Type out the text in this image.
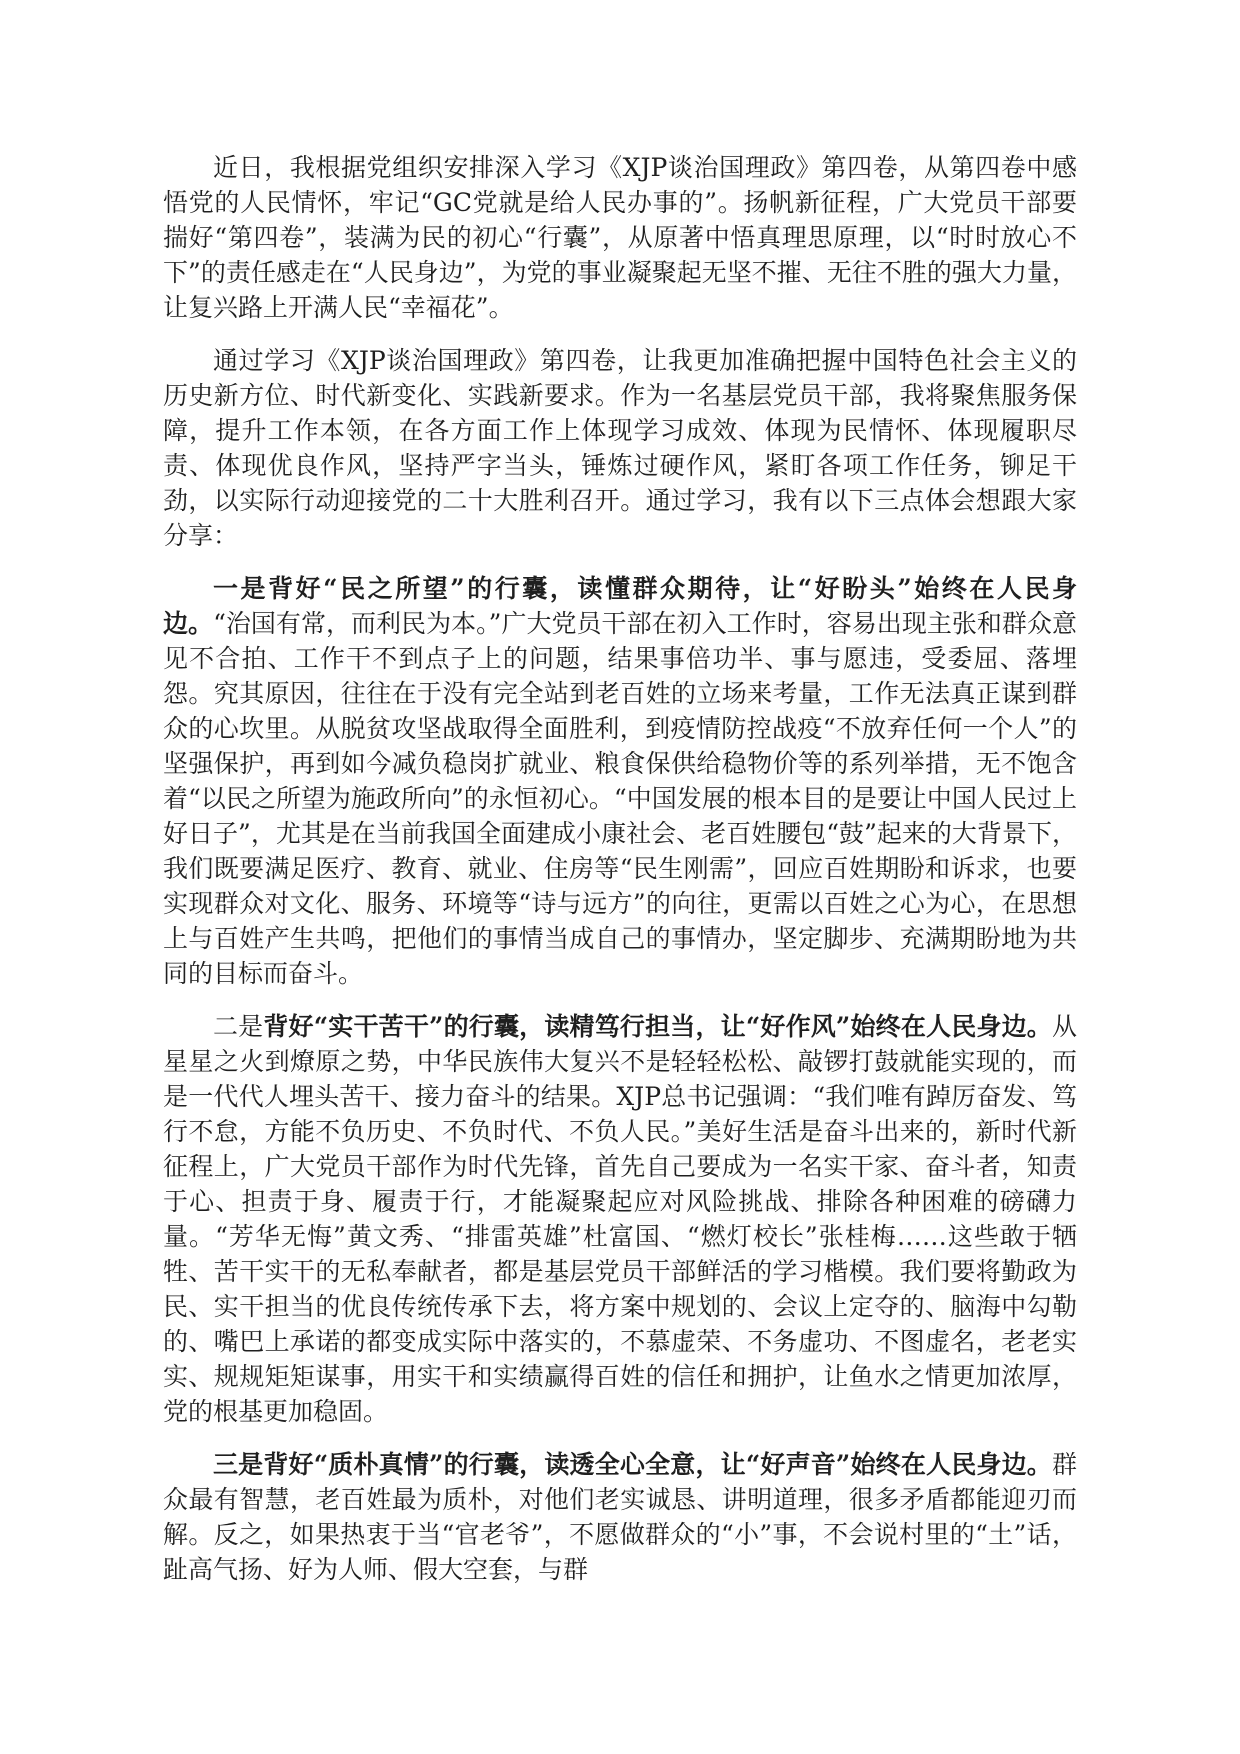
近日，我根据党组织安排深入学习《XJP谈治国理政》第四卷，从第四卷中感悟党的人民情怀，牢记“GC党就是给人民办事的”。扬帆新征程，广大党员干部要揣好“第四卷”，装满为民的初心“行囊”，从原著中悟真理思原理，以“时时放心不下”的责任感走在“人民身边”，为党的事业凝聚起无坚不摧、无往不胜的强大力量，让复兴路上开满人民“幸福花”。

通过学习《XJP谈治国理政》第四卷，让我更加准确把握中国特色社会主义的历史新方位、时代新变化、实践新要求。作为一名基层党员干部，我将聚焦服务保障，提升工作本领，在各方面工作上体现学习成效、体现为民情怀、体现履职尽责、体现优良作风，坚持严字当头，锤炼过硬作风，紧盯各项工作任务，铆足干劲，以实际行动迎接党的二十大胜利召开。通过学习，我有以下三点体会想跟大家分享：

一是背好“民之所望”的行囊，读懂群众期待，让“好盼头”始终在人民身边。“治国有常，而利民为本。”广大党员干部在初入工作时，容易出现主张和群众意见不合拍、工作干不到点子上的问题，结果事倍功半、事与愿违，受委屈、落埋怨。究其原因，往往在于没有完全站到老百姓的立场来考量，工作无法真正谋到群众的心坎里。从脱贫攻坚战取得全面胜利，到疫情防控战疫“不放弃任何一个人”的坚强保护，再到如今减负稳岗扩就业、粮食保供给稳物价等的系列举措，无不饱含着“以民之所望为施政所向”的永恒初心。“中国发展的根本目的是要让中国人民过上好日子”，尤其是在当前我国全面建成小康社会、老百姓腰包“鼓”起来的大背景下，我们既要满足医疗、教育、就业、住房等“民生刚需”，回应百姓期盼和诉求，也要实现群众对文化、服务、环境等“诗与远方”的向往，更需以百姓之心为心，在思想上与百姓产生共鸣，把他们的事情当成自己的事情办，坚定脚步、充满期盼地为共同的目标而奋斗。

二是背好“实干苦干”的行囊，读精笃行担当，让“好作风”始终在人民身边。从星星之火到燎原之势，中华民族伟大复兴不是轻轻松松、敲锣打鼓就能实现的，而是一代代人埋头苦干、接力奋斗的结果。XJP总书记强调：“我们唯有踔厉奋发、笃行不怠，方能不负历史、不负时代、不负人民。”美好生活是奋斗出来的，新时代新征程上，广大党员干部作为时代先锋，首先自己要成为一名实干家、奋斗者，知责于心、担责于身、履责于行，才能凝聚起应对风险挑战、排除各种困难的磅礴力量。“芳华无悔”黄文秀、“排雷英雄”杜富国、“燃灯校长”张桂梅……这些敢于牺牲、苦干实干的无私奉献者，都是基层党员干部鲜活的学习楷模。我们要将勤政为民、实干担当的优良传统传承下去，将方案中规划的、会议上定夺的、脑海中勾勒的、嘴巴上承诺的都变成实际中落实的，不慕虚荣、不务虚功、不图虚名，老老实实、规规矩矩谋事，用实干和实绩赢得百姓的信任和拥护，让鱼水之情更加浓厚，党的根基更加稳固。

三是背好“质朴真情”的行囊，读透全心全意，让“好声音”始终在人民身边。群众最有智慧，老百姓最为质朴，对他们老实诚恳、讲明道理，很多矛盾都能迎刃而解。反之，如果热衷于当“官老爷”，不愿做群众的“小”事，不会说村里的“土”话，趾高气扬、好为人师、假大空套，与群
